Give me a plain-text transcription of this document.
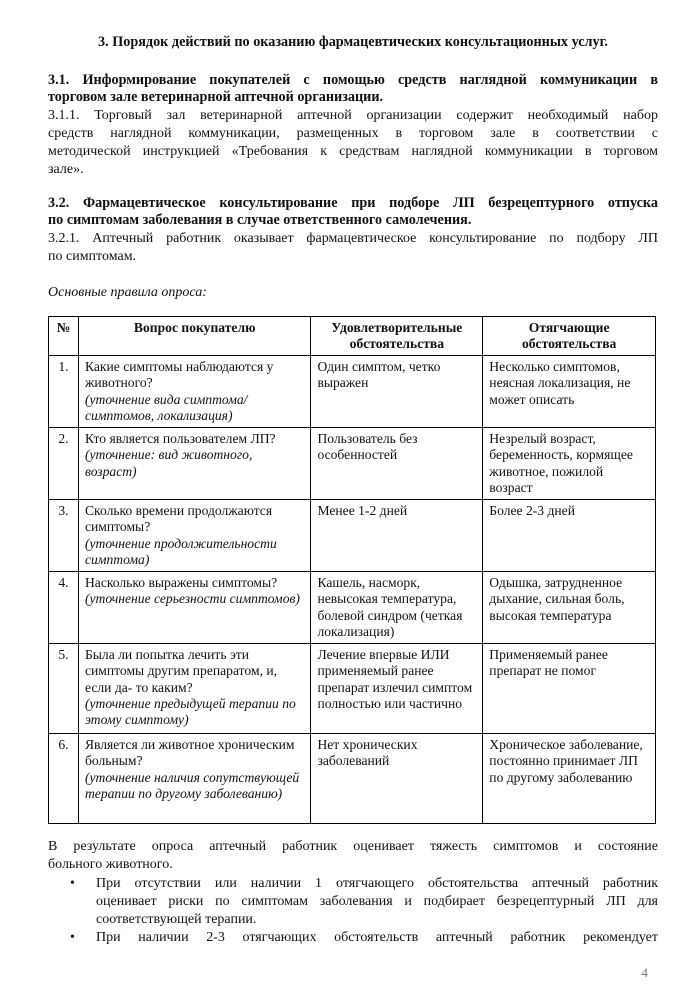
3. Порядок действий по оказанию фармацевтических консультационных услуг.
3.1. Информирование покупателей с помощью средств наглядной коммуникации в
торговом зале ветеринарной аптечной организации.
3.1.1. Торговый зал ветеринарной аптечной организации содержит необходимый набор
средств наглядной коммуникации, размещенных в торговом зале в соответствии с
методической инструкцией «Требования к средствам наглядной коммуникации в торговом
зале».
3.2. Фармацевтическое консультирование при подборе ЛП безрецептурного отпуска
по симптомам заболевания в случае ответственного самолечения.
3.2.1. Аптечный работник оказывает фармацевтическое консультирование по подбору ЛП
по симптомам.
Основные правила опроса:
№	Вопрос покупателю	Удовлетворительные обстоятельства	Отягчающие обстоятельства
1.	Какие симптомы наблюдаются у животного?
(уточнение вида симптома/ симптомов, локализация)	Один симптом, четко выражен	Несколько симптомов, неясная локализация, не может описать
2.	Кто является пользователем ЛП?
(уточнение: вид животного, возраст)	Пользователь без особенностей	Незрелый возраст, беременность, кормящее животное, пожилой возраст
3.	Сколько времени продолжаются симптомы?
(уточнение продолжительности симптома)	Менее 1-2 дней	Более 2-3 дней
4.	Насколько выражены симптомы?
(уточнение серьезности симптомов)	Кашель, насморк, невысокая температура, болевой синдром (четкая локализация)	Одышка, затрудненное дыхание, сильная боль, высокая температура
5.	Была ли попытка лечить эти симптомы другим препаратом, и, если да- то каким?
(уточнение предыдущей терапии по этому симптому)	Лечение впервые ИЛИ применяемый ранее препарат излечил симптом полностью или частично	Применяемый ранее препарат не помог
6.	Является ли животное хроническим больным?
(уточнение наличия сопутствующей терапии по другому заболеванию)	Нет хронических заболеваний	Хроническое заболевание, постоянно принимает ЛП по другому заболеванию
В результате опроса аптечный работник оценивает тяжесть симптомов и состояние
больного животного.
• При отсутствии или наличии 1 отягчающего обстоятельства аптечный работник
оценивает риски по симптомам заболевания и подбирает безрецептурный ЛП для
соответствующей терапии.
• При наличии 2-3 отягчающих обстоятельств аптечный работник рекомендует
4
